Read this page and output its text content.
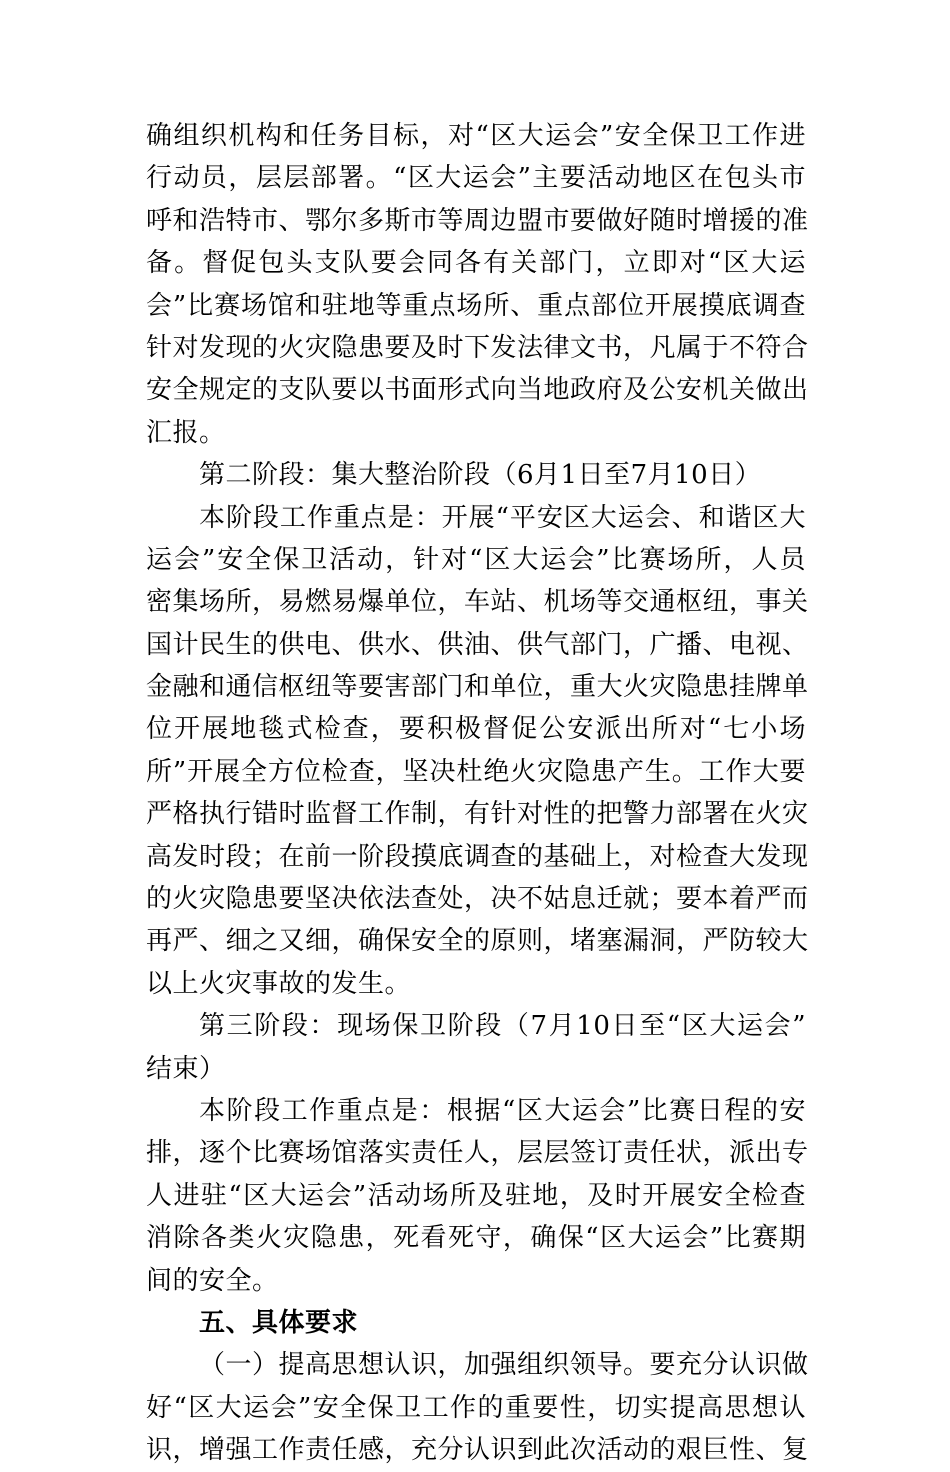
确组织机构和任务目标，对“区大运会”安全保卫工作进
行动员，层层部署。“区大运会”主要活动地区在包头市
呼和浩特市、鄂尔多斯市等周边盟市要做好随时增援的准
备。督促包头支队要会同各有关部门，立即对“区大运
会”比赛场馆和驻地等重点场所、重点部位开展摸底调查
针对发现的火灾隐患要及时下发法律文书，凡属于不符合
安全规定的支队要以书面形式向当地政府及公安机关做出
汇报。
第二阶段：集大整治阶段（6月1日至7月10日）
本阶段工作重点是：开展“平安区大运会、和谐区大
运会”安全保卫活动，针对“区大运会”比赛场所，人员
密集场所，易燃易爆单位，车站、机场等交通枢纽，事关
国计民生的供电、供水、供油、供气部门，广播、电视、
金融和通信枢纽等要害部门和单位，重大火灾隐患挂牌单
位开展地毯式检查，要积极督促公安派出所对“七小场
所”开展全方位检查，坚决杜绝火灾隐患产生。工作大要
严格执行错时监督工作制，有针对性的把警力部署在火灾
高发时段；在前一阶段摸底调查的基础上，对检查大发现
的火灾隐患要坚决依法查处，决不姑息迁就；要本着严而
再严、细之又细，确保安全的原则，堵塞漏洞，严防较大
以上火灾事故的发生。
第三阶段：现场保卫阶段（7月10日至“区大运会”
结束）
本阶段工作重点是：根据“区大运会”比赛日程的安
排，逐个比赛场馆落实责任人，层层签订责任状，派出专
人进驻“区大运会”活动场所及驻地，及时开展安全检查
消除各类火灾隐患，死看死守，确保“区大运会”比赛期
间的安全。
五、具体要求
（一）提高思想认识，加强组织领导。要充分认识做
好“区大运会”安全保卫工作的重要性，切实提高思想认
识，增强工作责任感，充分认识到此次活动的艰巨性、复
